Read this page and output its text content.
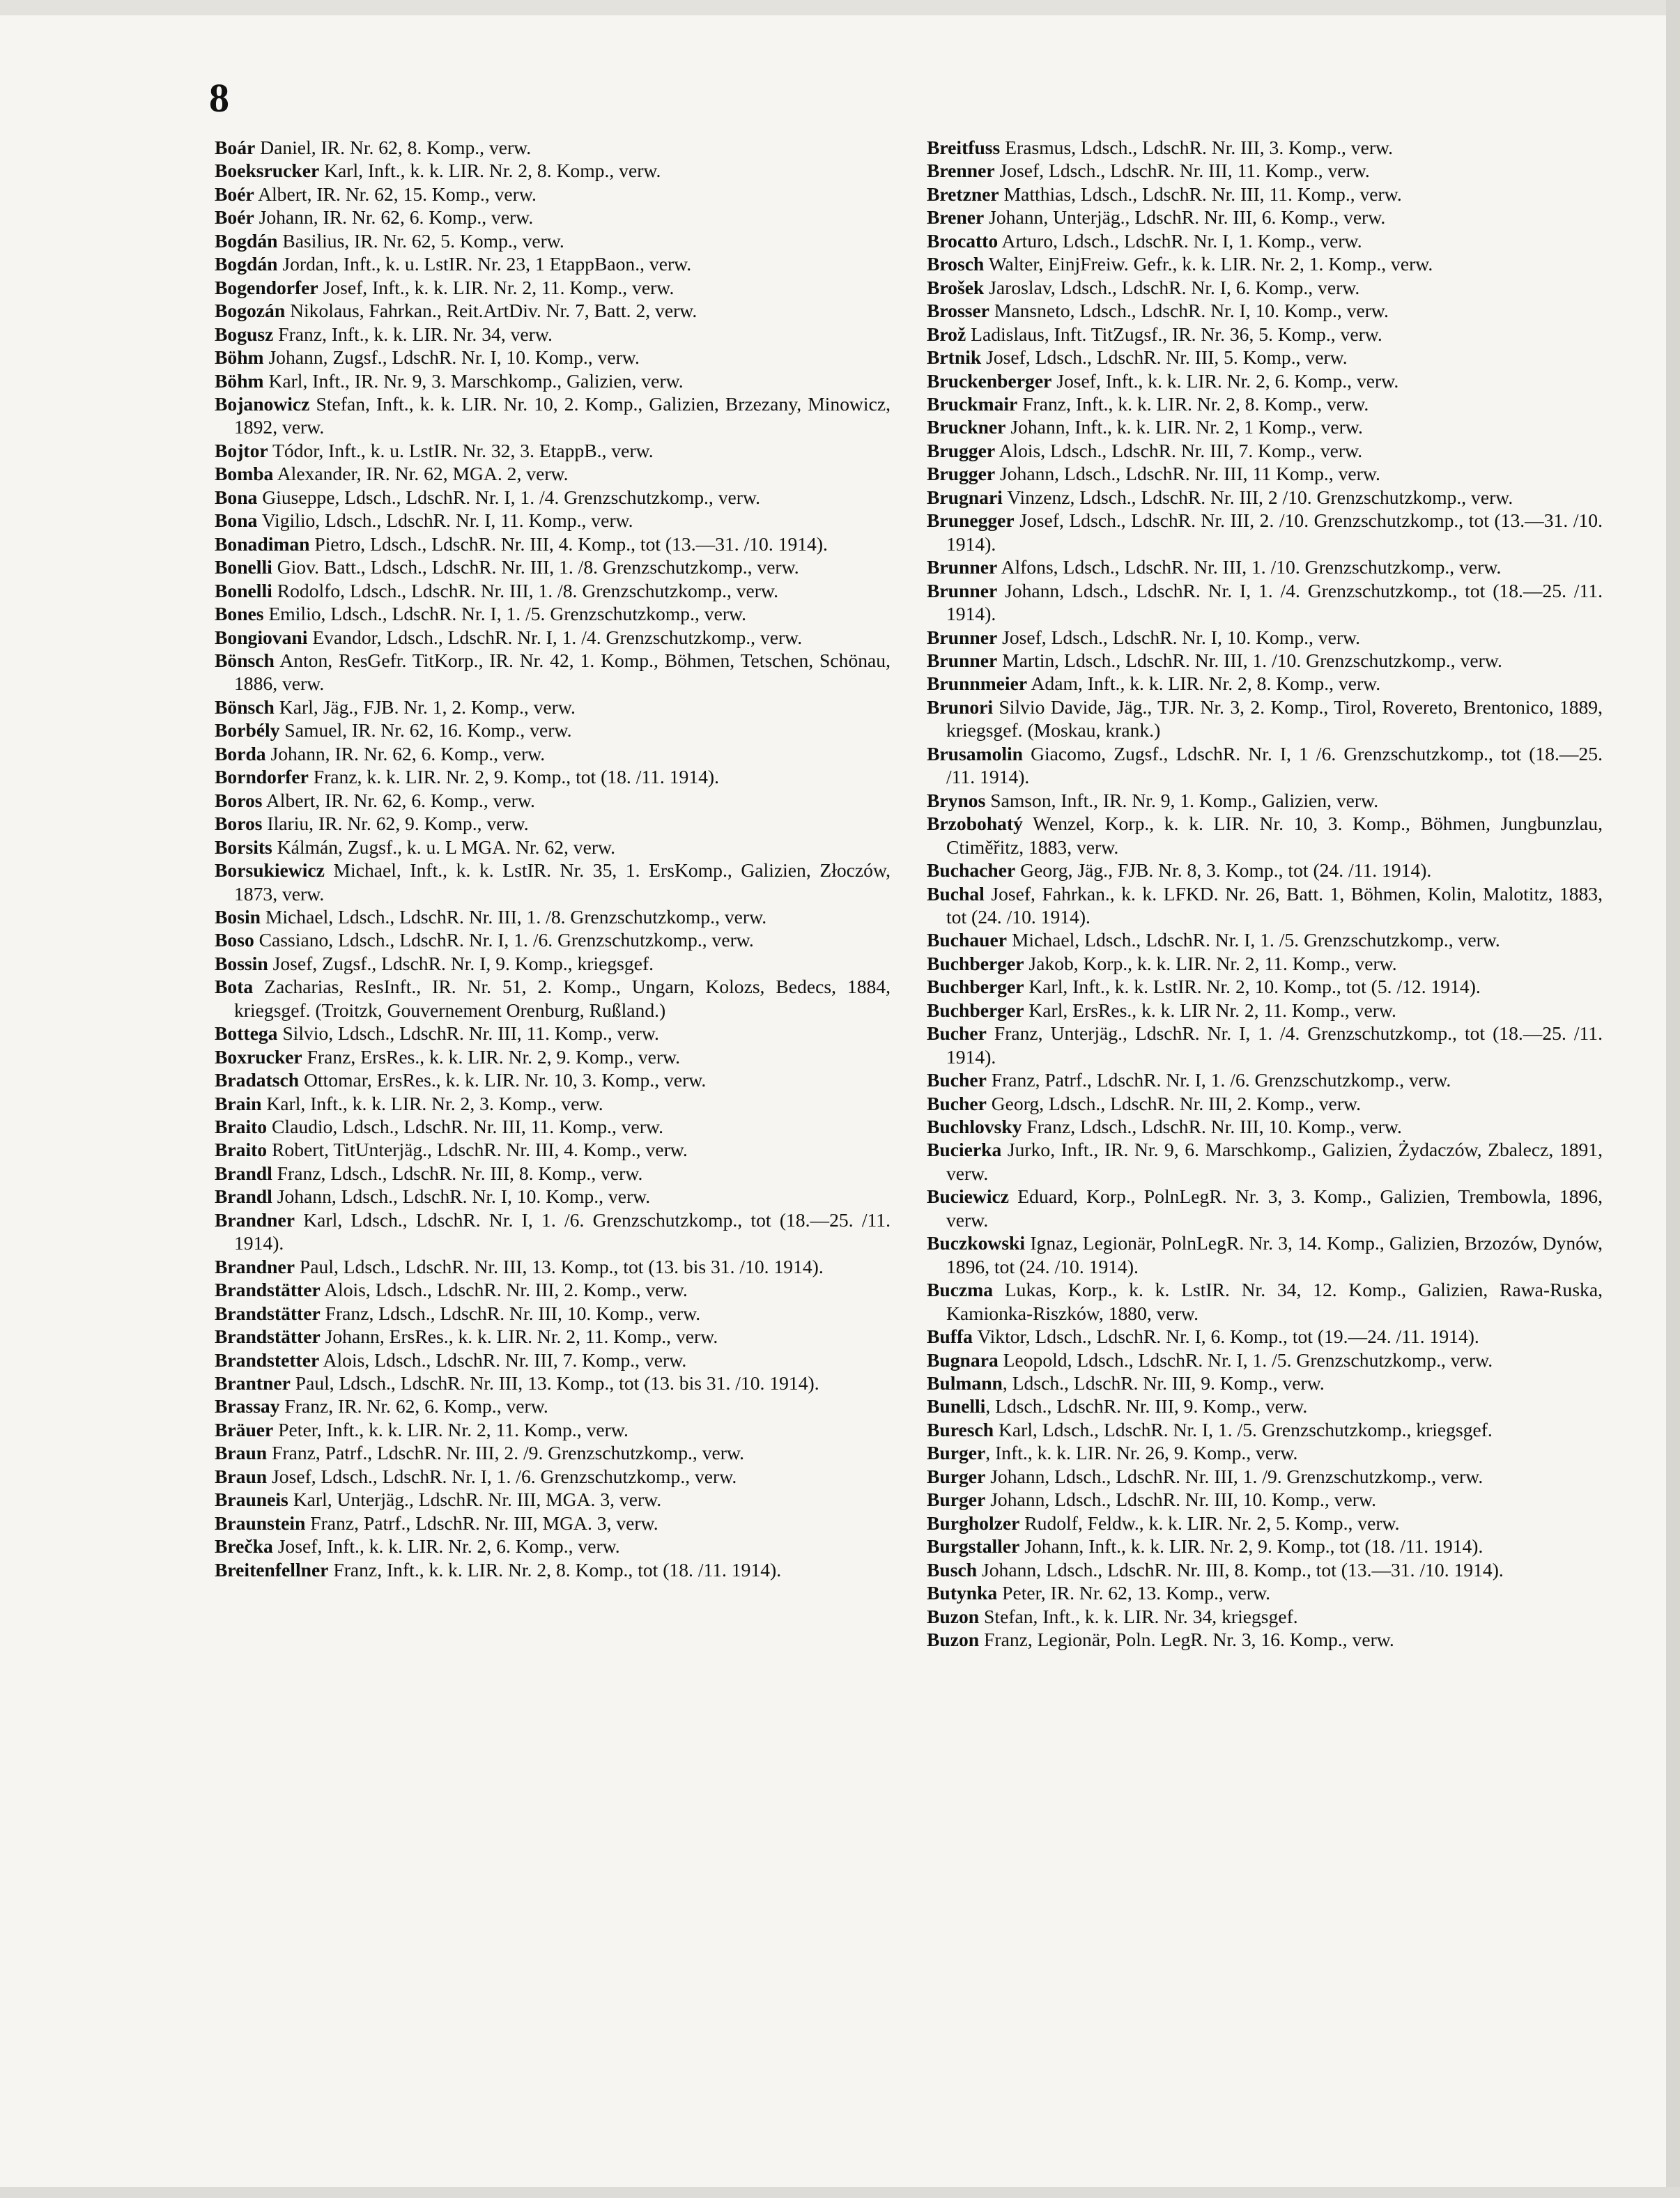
8
Boár Daniel, IR. Nr. 62, 8. Komp., verw.
Boeksrucker Karl, Inft., k. k. LIR. Nr. 2, 8. Komp., verw.
Boér Albert, IR. Nr. 62, 15. Komp., verw.
Boér Johann, IR. Nr. 62, 6. Komp., verw.
Bogdán Basilius, IR. Nr. 62, 5. Komp., verw.
Bogdán Jordan, Inft., k. u. LstIR. Nr. 23, 1 EtappBaon., verw.
Bogendorfer Josef, Inft., k. k. LIR. Nr. 2, 11. Komp., verw.
Bogozán Nikolaus, Fahrkan., Reit.ArtDiv. Nr. 7, Batt. 2, verw.
Bogusz Franz, Inft., k. k. LIR. Nr. 34, verw.
Böhm Johann, Zugsf., LdschR. Nr. I, 10. Komp., verw.
Böhm Karl, Inft., IR. Nr. 9, 3. Marschkomp., Galizien, verw.
Bojanowicz Stefan, Inft., k. k. LIR. Nr. 10, 2. Komp., Galizien, Brzezany, Minowicz, 1892, verw.
Bojtor Tódor, Inft., k. u. LstIR. Nr. 32, 3. EtappB., verw.
Bomba Alexander, IR. Nr. 62, MGA. 2, verw.
Bona Giuseppe, Ldsch., LdschR. Nr. I, 1. /4. Grenzschutzkomp., verw.
Bona Vigilio, Ldsch., LdschR. Nr. I, 11. Komp., verw.
Bonadiman Pietro, Ldsch., LdschR. Nr. III, 4. Komp., tot (13.—31. /10. 1914).
Bonelli Giov. Batt., Ldsch., LdschR. Nr. III, 1. /8. Grenzschutzkomp., verw.
Bonelli Rodolfo, Ldsch., LdschR. Nr. III, 1. /8. Grenzschutzkomp., verw.
Bones Emilio, Ldsch., LdschR. Nr. I, 1. /5. Grenzschutzkomp., verw.
Bongiovani Evandor, Ldsch., LdschR. Nr. I, 1. /4. Grenzschutzkomp., verw.
Bönsch Anton, ResGefr. TitKorp., IR. Nr. 42, 1. Komp., Böhmen, Tetschen, Schönau, 1886, verw.
Bönsch Karl, Jäg., FJB. Nr. 1, 2. Komp., verw.
Borbély Samuel, IR. Nr. 62, 16. Komp., verw.
Borda Johann, IR. Nr. 62, 6. Komp., verw.
Borndorfer Franz, k. k. LIR. Nr. 2, 9. Komp., tot (18. /11. 1914).
Boros Albert, IR. Nr. 62, 6. Komp., verw.
Boros Ilariu, IR. Nr. 62, 9. Komp., verw.
Borsits Kálmán, Zugsf., k. u. L MGA. Nr. 62, verw.
Borsukiewicz Michael, Inft., k. k. LstIR. Nr. 35, 1. ErsKomp., Galizien, Złoczów, 1873, verw.
Bosin Michael, Ldsch., LdschR. Nr. III, 1. /8. Grenzschutzkomp., verw.
Boso Cassiano, Ldsch., LdschR. Nr. I, 1. /6. Grenzschutzkomp., verw.
Bossin Josef, Zugsf., LdschR. Nr. I, 9. Komp., kriegsgef.
Bota Zacharias, ResInft., IR. Nr. 51, 2. Komp., Ungarn, Kolozs, Bedecs, 1884, kriegsgef. (Troitzk, Gouvernement Orenburg, Rußland.)
Bottega Silvio, Ldsch., LdschR. Nr. III, 11. Komp., verw.
Boxrucker Franz, ErsRes., k. k. LIR. Nr. 2, 9. Komp., verw.
Bradatsch Ottomar, ErsRes., k. k. LIR. Nr. 10, 3. Komp., verw.
Brain Karl, Inft., k. k. LIR. Nr. 2, 3. Komp., verw.
Braito Claudio, Ldsch., LdschR. Nr. III, 11. Komp., verw.
Braito Robert, TitUnterjäg., LdschR. Nr. III, 4. Komp., verw.
Brandl Franz, Ldsch., LdschR. Nr. III, 8. Komp., verw.
Brandl Johann, Ldsch., LdschR. Nr. I, 10. Komp., verw.
Brandner Karl, Ldsch., LdschR. Nr. I, 1. /6. Grenzschutzkomp., tot (18.—25. /11. 1914).
Brandner Paul, Ldsch., LdschR. Nr. III, 13. Komp., tot (13. bis 31. /10. 1914).
Brandstätter Alois, Ldsch., LdschR. Nr. III, 2. Komp., verw.
Brandstätter Franz, Ldsch., LdschR. Nr. III, 10. Komp., verw.
Brandstätter Johann, ErsRes., k. k. LIR. Nr. 2, 11. Komp., verw.
Brandstetter Alois, Ldsch., LdschR. Nr. III, 7. Komp., verw.
Brantner Paul, Ldsch., LdschR. Nr. III, 13. Komp., tot (13. bis 31. /10. 1914).
Brassay Franz, IR. Nr. 62, 6. Komp., verw.
Bräuer Peter, Inft., k. k. LIR. Nr. 2, 11. Komp., verw.
Braun Franz, Patrf., LdschR. Nr. III, 2. /9. Grenzschutzkomp., verw.
Braun Josef, Ldsch., LdschR. Nr. I, 1. /6. Grenzschutzkomp., verw.
Brauneis Karl, Unterjäg., LdschR. Nr. III, MGA. 3, verw.
Braunstein Franz, Patrf., LdschR. Nr. III, MGA. 3, verw.
Brečka Josef, Inft., k. k. LIR. Nr. 2, 6. Komp., verw.
Breitenfellner Franz, Inft., k. k. LIR. Nr. 2, 8. Komp., tot (18. /11. 1914).
Breitfuss Erasmus, Ldsch., LdschR. Nr. III, 3. Komp., verw.
Brenner Josef, Ldsch., LdschR. Nr. III, 11. Komp., verw.
Bretzner Matthias, Ldsch., LdschR. Nr. III, 11. Komp., verw.
Brener Johann, Unterjäg., LdschR. Nr. III, 6. Komp., verw.
Brocatto Arturo, Ldsch., LdschR. Nr. I, 1. Komp., verw.
Brosch Walter, EinjFreiw. Gefr., k. k. LIR. Nr. 2, 1. Komp., verw.
Brošek Jaroslav, Ldsch., LdschR. Nr. I, 6. Komp., verw.
Brosser Mansneto, Ldsch., LdschR. Nr. I, 10. Komp., verw.
Brož Ladislaus, Inft. TitZugsf., IR. Nr. 36, 5. Komp., verw.
Brtnik Josef, Ldsch., LdschR. Nr. III, 5. Komp., verw.
Bruckenberger Josef, Inft., k. k. LIR. Nr. 2, 6. Komp., verw.
Bruckmair Franz, Inft., k. k. LIR. Nr. 2, 8. Komp., verw.
Bruckner Johann, Inft., k. k. LIR. Nr. 2, 1 Komp., verw.
Brugger Alois, Ldsch., LdschR. Nr. III, 7. Komp., verw.
Brugger Johann, Ldsch., LdschR. Nr. III, 11 Komp., verw.
Brugnari Vinzenz, Ldsch., LdschR. Nr. III, 2 /10. Grenzschutzkomp., verw.
Brunegger Josef, Ldsch., LdschR. Nr. III, 2. /10. Grenzschutzkomp., tot (13.—31. /10. 1914).
Brunner Alfons, Ldsch., LdschR. Nr. III, 1. /10. Grenzschutzkomp., verw.
Brunner Johann, Ldsch., LdschR. Nr. I, 1. /4. Grenzschutzkomp., tot (18.—25. /11. 1914).
Brunner Josef, Ldsch., LdschR. Nr. I, 10. Komp., verw.
Brunner Martin, Ldsch., LdschR. Nr. III, 1. /10. Grenzschutzkomp., verw.
Brunnmeier Adam, Inft., k. k. LIR. Nr. 2, 8. Komp., verw.
Brunori Silvio Davide, Jäg., TJR. Nr. 3, 2. Komp., Tirol, Rovereto, Brentonico, 1889, kriegsgef. (Moskau, krank.)
Brusamolin Giacomo, Zugsf., LdschR. Nr. I, 1 /6. Grenzschutzkomp., tot (18.—25. /11. 1914).
Brynos Samson, Inft., IR. Nr. 9, 1. Komp., Galizien, verw.
Brzobohatý Wenzel, Korp., k. k. LIR. Nr. 10, 3. Komp., Böhmen, Jungbunzlau, Ctiměřitz, 1883, verw.
Buchacher Georg, Jäg., FJB. Nr. 8, 3. Komp., tot (24. /11. 1914).
Buchal Josef, Fahrkan., k. k. LFKD. Nr. 26, Batt. 1, Böhmen, Kolin, Malotitz, 1883, tot (24. /10. 1914).
Buchauer Michael, Ldsch., LdschR. Nr. I, 1. /5. Grenzschutzkomp., verw.
Buchberger Jakob, Korp., k. k. LIR. Nr. 2, 11. Komp., verw.
Buchberger Karl, Inft., k. k. LstIR. Nr. 2, 10. Komp., tot (5. /12. 1914).
Buchberger Karl, ErsRes., k. k. LIR Nr. 2, 11. Komp., verw.
Bucher Franz, Unterjäg., LdschR. Nr. I, 1. /4. Grenzschutzkomp., tot (18.—25. /11. 1914).
Bucher Franz, Patrf., LdschR. Nr. I, 1. /6. Grenzschutzkomp., verw.
Bucher Georg, Ldsch., LdschR. Nr. III, 2. Komp., verw.
Buchlovsky Franz, Ldsch., LdschR. Nr. III, 10. Komp., verw.
Bucierka Jurko, Inft., IR. Nr. 9, 6. Marschkomp., Galizien, Żydaczów, Zbalecz, 1891, verw.
Buciewicz Eduard, Korp., PolnLegR. Nr. 3, 3. Komp., Galizien, Trembowla, 1896, verw.
Buczkowski Ignaz, Legionär, PolnLegR. Nr. 3, 14. Komp., Galizien, Brzozów, Dynów, 1896, tot (24. /10. 1914).
Buczma Lukas, Korp., k. k. LstIR. Nr. 34, 12. Komp., Galizien, Rawa-Ruska, Kamionka-Riszków, 1880, verw.
Buffa Viktor, Ldsch., LdschR. Nr. I, 6. Komp., tot (19.—24. /11. 1914).
Bugnara Leopold, Ldsch., LdschR. Nr. I, 1. /5. Grenzschutzkomp., verw.
Bulmann, Ldsch., LdschR. Nr. III, 9. Komp., verw.
Bunelli, Ldsch., LdschR. Nr. III, 9. Komp., verw.
Buresch Karl, Ldsch., LdschR. Nr. I, 1. /5. Grenzschutzkomp., kriegsgef.
Burger, Inft., k. k. LIR. Nr. 26, 9. Komp., verw.
Burger Johann, Ldsch., LdschR. Nr. III, 1. /9. Grenzschutzkomp., verw.
Burger Johann, Ldsch., LdschR. Nr. III, 10. Komp., verw.
Burgholzer Rudolf, Feldw., k. k. LIR. Nr. 2, 5. Komp., verw.
Burgstaller Johann, Inft., k. k. LIR. Nr. 2, 9. Komp., tot (18. /11. 1914).
Busch Johann, Ldsch., LdschR. Nr. III, 8. Komp., tot (13.—31. /10. 1914).
Butynka Peter, IR. Nr. 62, 13. Komp., verw.
Buzon Stefan, Inft., k. k. LIR. Nr. 34, kriegsgef.
Buzon Franz, Legionär, Poln. LegR. Nr. 3, 16. Komp., verw.
